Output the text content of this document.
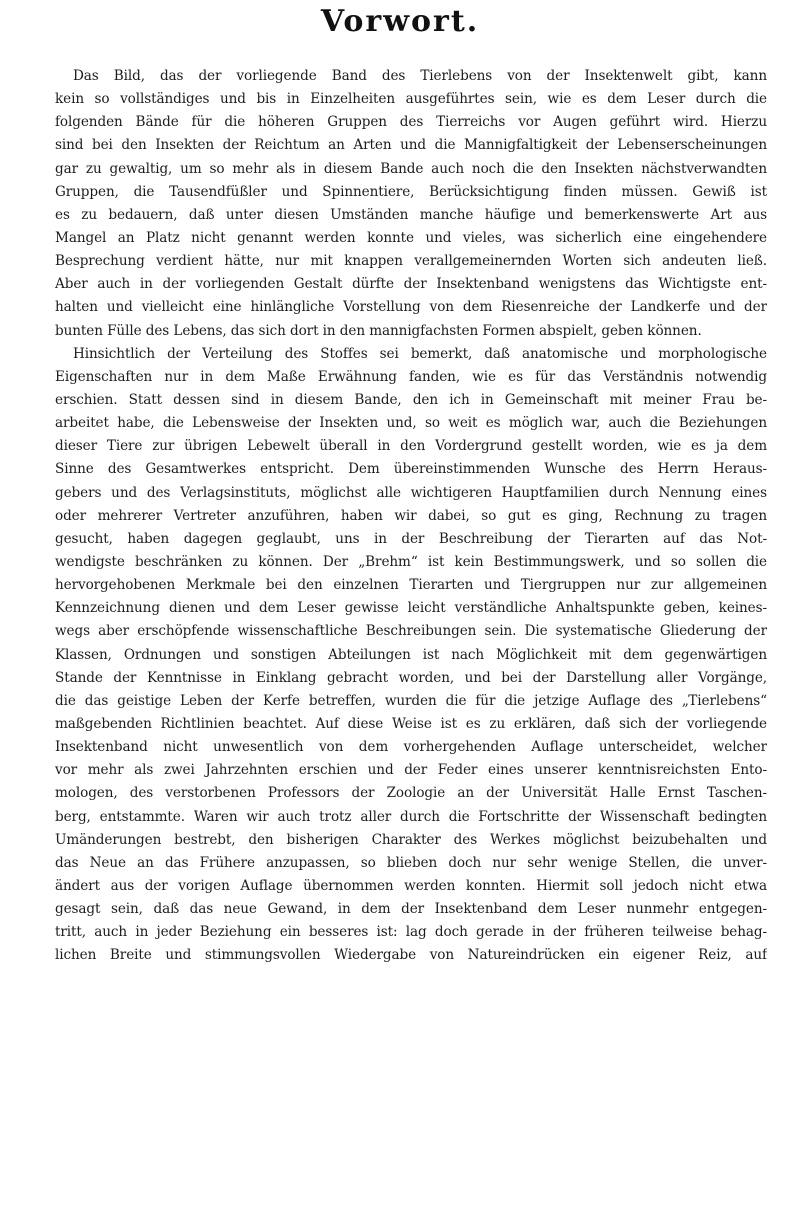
Vorwort.
Das Bild, das der vorliegende Band des Tierlebens von der Insektenwelt gibt, kann
kein so vollständiges und bis in Einzelheiten ausgeführtes sein, wie es dem Leser durch die
folgenden Bände für die höheren Gruppen des Tierreichs vor Augen geführt wird. Hierzu
sind bei den Insekten der Reichtum an Arten und die Mannigfaltigkeit der Lebenserscheinungen
gar zu gewaltig, um so mehr als in diesem Bande auch noch die den Insekten nächstverwandten
Gruppen, die Tausendfüßler und Spinnentiere, Berücksichtigung finden müssen. Gewiß ist
es zu bedauern, daß unter diesen Umständen manche häufige und bemerkenswerte Art aus
Mangel an Platz nicht genannt werden konnte und vieles, was sicherlich eine eingehendere
Besprechung verdient hätte, nur mit knappen verallgemeinernden Worten sich andeuten ließ.
Aber auch in der vorliegenden Gestalt dürfte der Insektenband wenigstens das Wichtigste ent-
halten und vielleicht eine hinlängliche Vorstellung von dem Riesenreiche der Landkerfe und der
bunten Fülle des Lebens, das sich dort in den mannigfachsten Formen abspielt, geben können.
Hinsichtlich der Verteilung des Stoffes sei bemerkt, daß anatomische und morphologische
Eigenschaften nur in dem Maße Erwähnung fanden, wie es für das Verständnis notwendig
erschien. Statt dessen sind in diesem Bande, den ich in Gemeinschaft mit meiner Frau be-
arbeitet habe, die Lebensweise der Insekten und, so weit es möglich war, auch die Beziehungen
dieser Tiere zur übrigen Lebewelt überall in den Vordergrund gestellt worden, wie es ja dem
Sinne des Gesamtwerkes entspricht. Dem übereinstimmenden Wunsche des Herrn Heraus-
gebers und des Verlagsinstituts, möglichst alle wichtigeren Hauptfamilien durch Nennung eines
oder mehrerer Vertreter anzuführen, haben wir dabei, so gut es ging, Rechnung zu tragen
gesucht, haben dagegen geglaubt, uns in der Beschreibung der Tierarten auf das Not-
wendigste beschränken zu können. Der „Brehm“ ist kein Bestimmungswerk, und so sollen die
hervorgehobenen Merkmale bei den einzelnen Tierarten und Tiergruppen nur zur allgemeinen
Kennzeichnung dienen und dem Leser gewisse leicht verständliche Anhaltspunkte geben, keines-
wegs aber erschöpfende wissenschaftliche Beschreibungen sein. Die systematische Gliederung der
Klassen, Ordnungen und sonstigen Abteilungen ist nach Möglichkeit mit dem gegenwärtigen
Stande der Kenntnisse in Einklang gebracht worden, und bei der Darstellung aller Vorgänge,
die das geistige Leben der Kerfe betreffen, wurden die für die jetzige Auflage des „Tierlebens“
maßgebenden Richtlinien beachtet. Auf diese Weise ist es zu erklären, daß sich der vorliegende
Insektenband nicht unwesentlich von dem vorhergehenden Auflage unterscheidet, welcher
vor mehr als zwei Jahrzehnten erschien und der Feder eines unserer kenntnisreichsten Ento-
mologen, des verstorbenen Professors der Zoologie an der Universität Halle Ernst Taschen-
berg, entstammte. Waren wir auch trotz aller durch die Fortschritte der Wissenschaft bedingten
Umänderungen bestrebt, den bisherigen Charakter des Werkes möglichst beizubehalten und
das Neue an das Frühere anzupassen, so blieben doch nur sehr wenige Stellen, die unver-
ändert aus der vorigen Auflage übernommen werden konnten. Hiermit soll jedoch nicht etwa
gesagt sein, daß das neue Gewand, in dem der Insektenband dem Leser nunmehr entgegen-
tritt, auch in jeder Beziehung ein besseres ist: lag doch gerade in der früheren teilweise behag-
lichen Breite und stimmungsvollen Wiedergabe von Natureindrücken ein eigener Reiz, auf
